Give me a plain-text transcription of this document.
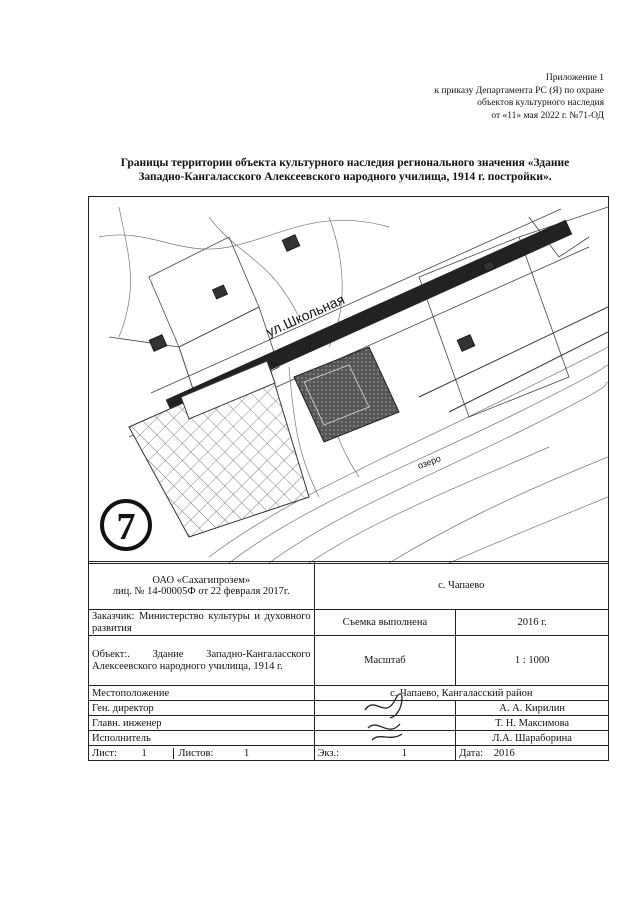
Приложение 1
к приказу Департамента РС (Я) по охране
объектов культурного наследия
от «11» мая 2022 г. №71-ОД
Границы территории объекта культурного наследия регионального значения «Здание Западно-Кангаласского Алексеевского народного училища, 1914 г. постройки».
ул.Школьная
озеро
7
ОАО «Сахагипрозем»
лиц. № 14-00005Ф от 22 февраля 2017г.	с. Чапаево	
Заказчик: Министерство культуры и духовного развития	Съемка выполнена	2016 г.
Объект:. Здание Западно-Кангаласского Алексеевского народного училища, 1914 г.	Масштаб	1 : 1000
Местоположение	с. Чапаево, Кангаласский район	
Ген. директор		А. А. Кирилин
Главн. инженер		Т. Н. Максимова
Исполнитель		Л.А. Шараборина
Лист: 1 Листов: 1	Экз.: 1	Дата: 2016
